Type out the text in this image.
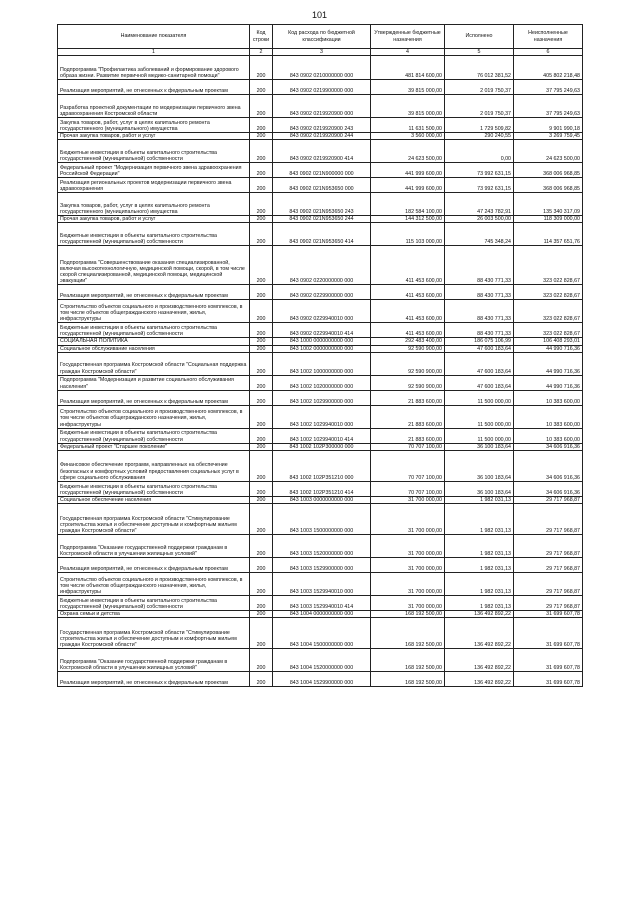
101
Наименование показателя	Код строки	Код расхода по бюджетной классификации	Утвержденные бюджетные назначения	Исполнено	Неисполненные назначения
1	2	3	4	5	6
Подпрограмма "Профилактика заболеваний и формирование здорового образа жизни. Развитие первичной медико-санитарной помощи"	200	843 0902 0210000000 000	481 814 600,00	76 012 381,52	405 802 218,48
Реализация мероприятий, не отнесенных к федеральным проектам	200	843 0902 0219900000 000	39 815 000,00	2 019 750,37	37 795 249,63
Разработка проектной документации по модернизации первичного звена здравоохранения Костромской области	200	843 0902 0219920900 000	39 815 000,00	2 019 750,37	37 795 249,63
Закупка товаров, работ, услуг в целях капитального ремонта государственного (муниципального) имущества	200	843 0902 0219920900 243	11 631 500,00	1 729 509,82	9 901 990,18
Прочая закупка товаров, работ и услуг	200	843 0902 0219920900 244	3 560 000,00	290 240,55	3 269 759,45
Бюджетные инвестиции в объекты капитального строительства государственной (муниципальной) собственности	200	843 0902 0219920900 414	24 623 500,00	0,00	24 623 500,00
Федеральный проект "Модернизация первичного звена здравоохранения Российской Федерации"	200	843 0902 021N900000 000	441 999 600,00	73 992 631,15	368 006 968,85
Реализация региональных проектов модернизации первичного звена здравоохранения	200	843 0902 021N953650 000	441 999 600,00	73 992 631,15	368 006 968,85
Закупка товаров, работ, услуг в целях капитального ремонта государственного (муниципального) имущества	200	843 0902 021N953650 243	182 584 100,00	47 243 782,91	135 340 317,09
Прочая закупка товаров, работ и услуг	200	843 0902 021N953650 244	144 312 500,00	26 003 500,00	118 309 000,00
Бюджетные инвестиции в объекты капитального строительства государственной (муниципальной) собственности	200	843 0902 021N953650 414	115 103 000,00	745 348,24	114 357 651,76
Подпрограмма "Совершенствование оказания специализированной, включая высокотехнологичную, медицинской помощи, скорой, в том числе скорой специализированной, медицинской помощи, медицинской эвакуации"	200	843 0902 0220000000 000	411 453 600,00	88 430 771,33	323 022 828,67
Реализация мероприятий, не отнесенных к федеральным проектам	200	843 0902 0229900000 000	411 453 600,00	88 430 771,33	323 022 828,67
Строительство объектов социального и производственного комплексов, в том числе объектов общегражданского назначения, жилья, инфраструктуры	200	843 0902 0229940010 000	411 453 600,00	88 430 771,33	323 022 828,67
Бюджетные инвестиции в объекты капитального строительства государственной (муниципальной) собственности	200	843 0902 0229940010 414	411 453 600,00	88 430 771,33	323 022 828,67
СОЦИАЛЬНАЯ ПОЛИТИКА	200	843 1000 0000000000 000	292 483 400,00	186 075 106,99	106 408 293,01
Социальное обслуживание населения	200	843 1002 0000000000 000	92 590 900,00	47 600 183,64	44 990 716,36
Государственная программа Костромской области "Социальная поддержка граждан Костромской области"	200	843 1002 1000000000 000	92 590 900,00	47 600 183,64	44 990 716,36
Подпрограмма "Модернизация и развитие социального обслуживания населения"	200	843 1002 1020000000 000	92 590 900,00	47 600 183,64	44 990 716,36
Реализация мероприятий, не отнесенных к федеральным проектам	200	843 1002 1029900000 000	21 883 600,00	11 500 000,00	10 383 600,00
Строительство объектов социального и производственного комплексов, в том числе объектов общегражданского назначения, жилья, инфраструктуры	200	843 1002 1029940010 000	21 883 600,00	11 500 000,00	10 383 600,00
Бюджетные инвестиции в объекты капитального строительства государственной (муниципальной) собственности	200	843 1002 1029940010 414	21 883 600,00	11 500 000,00	10 383 600,00
Федеральный проект "Старшее поколение"	200	843 1002 102P300000 000	70 707 100,00	36 100 183,64	34 606 916,36
Финансовое обеспечение программ, направленных на обеспечение безопасных и комфортных условий предоставления социальных услуг в сфере социального обслуживания	200	843 1002 102P351210 000	70 707 100,00	36 100 183,64	34 606 916,36
Бюджетные инвестиции в объекты капитального строительства государственной (муниципальной) собственности	200	843 1002 102P351210 414	70 707 100,00	36 100 183,64	34 606 916,36
Социальное обеспечение населения	200	843 1003 0000000000 000	31 700 000,00	1 982 031,13	29 717 968,87
Государственная программа Костромской области "Стимулирование строительства жилья и обеспечение доступным и комфортным жильем граждан Костромской области"	200	843 1003 1500000000 000	31 700 000,00	1 982 031,13	29 717 968,87
Подпрограмма "Оказание государственной поддержки гражданам в Костромской области в улучшении жилищных условий"	200	843 1003 1520000000 000	31 700 000,00	1 982 031,13	29 717 968,87
Реализация мероприятий, не отнесенных к федеральным проектам	200	843 1003 1529900000 000	31 700 000,00	1 982 031,13	29 717 968,87
Строительство объектов социального и производственного комплексов, в том числе объектов общегражданского назначения, жилья, инфраструктуры	200	843 1003 1529940010 000	31 700 000,00	1 982 031,13	29 717 968,87
Бюджетные инвестиции в объекты капитального строительства государственной (муниципальной) собственности	200	843 1003 1529940010 414	31 700 000,00	1 982 031,13	29 717 968,87
Охрана семьи и детства	200	843 1004 0000000000 000	168 192 500,00	136 492 892,22	31 699 607,78
Государственная программа Костромской области "Стимулирование строительства жилья и обеспечение доступным и комфортным жильем граждан Костромской области"	200	843 1004 1500000000 000	168 192 500,00	136 492 892,22	31 699 607,78
Подпрограмма "Оказание государственной поддержки гражданам в Костромской области в улучшении жилищных условий"	200	843 1004 1520000000 000	168 192 500,00	136 492 892,22	31 699 607,78
Реализация мероприятий, не отнесенных к федеральным проектам	200	843 1004 1529900000 000	168 192 500,00	136 492 892,22	31 699 607,78
